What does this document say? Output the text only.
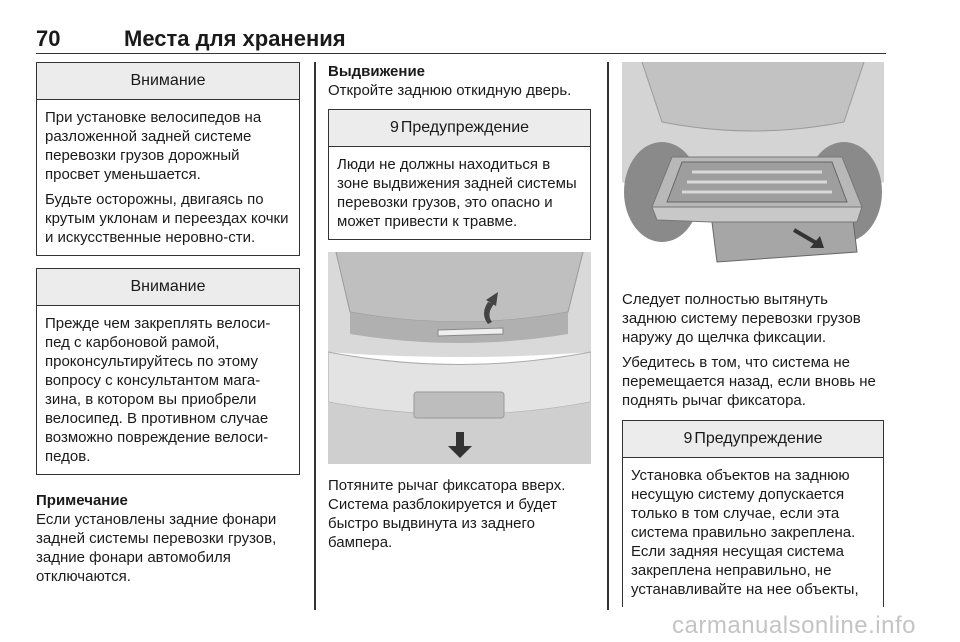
70	Места для хранения
Внимание

При установке велосипедов на разложенной задней системе перевозки грузов дорожный просвет уменьшается.

Будьте осторожны, двигаясь по крутым уклонам и переездах кочки и искусственные неровно-сти.

Внимание

Прежде чем закреплять велоси-пед с карбоновой рамой, проконсультируйтесь по этому вопросу с консультантом мага-зина, в котором вы приобрели велосипед. В противном случае возможно повреждение велоси-педов.

Примечание
Если установлены задние фонари задней системы перевозки грузов, задние фонари автомобиля отключаются.
Выдвижение
Откройте заднюю откидную дверь.
9 Предупреждение

Люди не должны находиться в зоне выдвижения задней системы перевозки грузов, это опасно и может привести к травме.

Потяните рычаг фиксатора вверх. Система разблокируется и будет быстро выдвинута из заднего бампера.
Следует полностью вытянуть заднюю систему перевозки грузов наружу до щелчка фиксации.
Убедитесь в том, что система не перемещается назад, если вновь не поднять рычаг фиксатора.
9 Предупреждение

Установка объектов на заднюю несущую систему допускается только в том случае, если эта система правильно закреплена. Если задняя несущая система закреплена неправильно, не устанавливайте на нее объекты,

carmanualsonline.info
